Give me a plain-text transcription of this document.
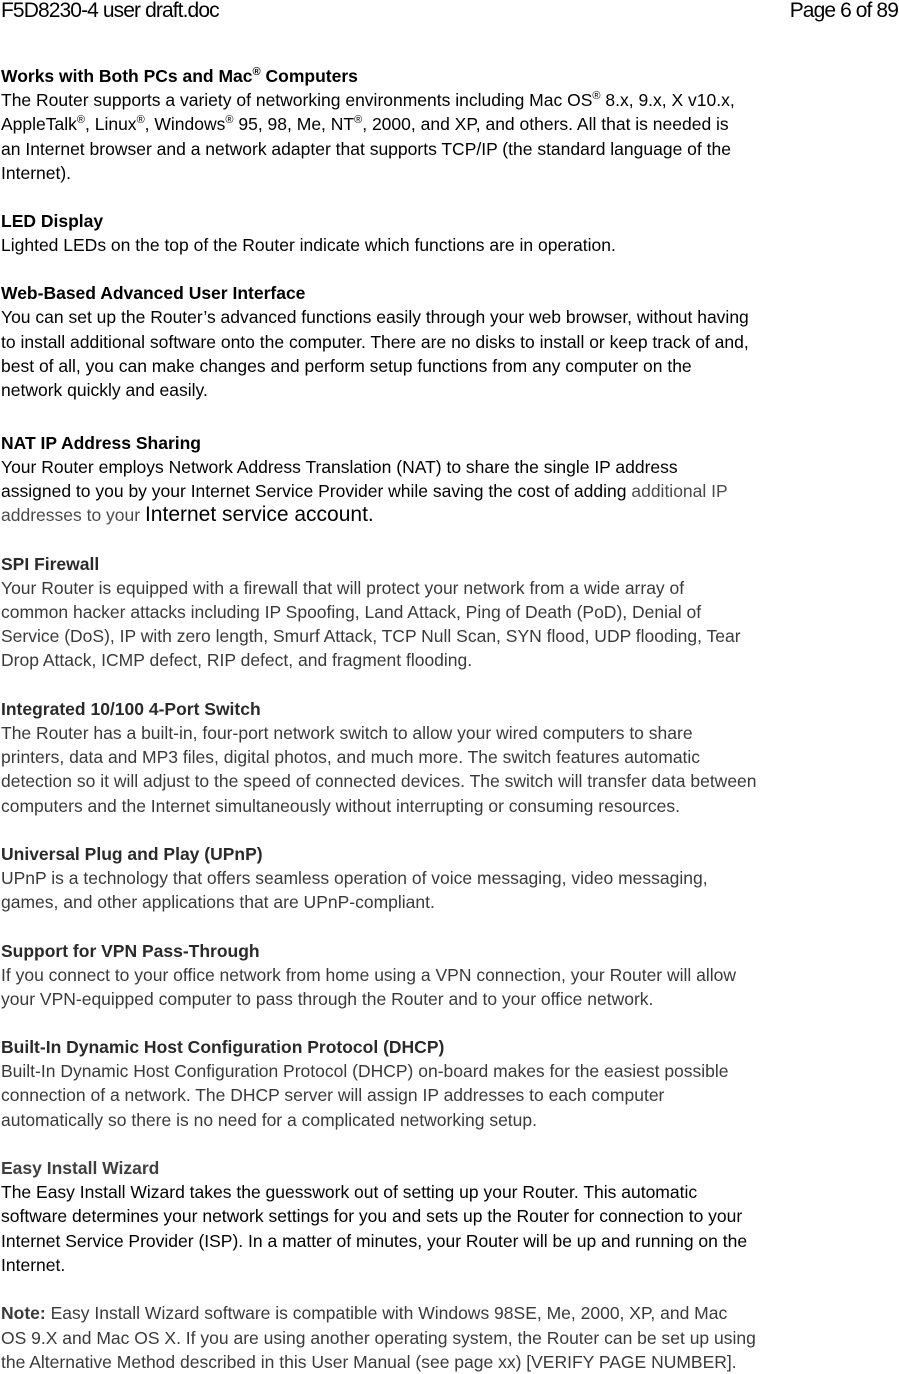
F5D8230-4 user draft.doc	Page 6 of 89
Works with Both PCs and Mac® Computers

The Router supports a variety of networking environments including Mac OS® 8.x, 9.x, X v10.x,
AppleTalk®, Linux®, Windows® 95, 98, Me, NT®, 2000, and XP, and others. All that is needed is
an Internet browser and a network adapter that supports TCP/IP (the standard language of the
Internet).

LED Display

Lighted LEDs on the top of the Router indicate which functions are in operation.

Web-Based Advanced User Interface

You can set up the Router’s advanced functions easily through your web browser, without having
to install additional software onto the computer. There are no disks to install or keep track of and,
best of all, you can make changes and perform setup functions from any computer on the
network quickly and easily.

NAT IP Address Sharing

Your Router employs Network Address Translation (NAT) to share the single IP address
assigned to you by your Internet Service Provider while saving the cost of adding additional IP
addresses to your Internet service account.

SPI Firewall

Your Router is equipped with a firewall that will protect your network from a wide array of
common hacker attacks including IP Spoofing, Land Attack, Ping of Death (PoD), Denial of
Service (DoS), IP with zero length, Smurf Attack, TCP Null Scan, SYN flood, UDP flooding, Tear
Drop Attack, ICMP defect, RIP defect, and fragment flooding.

Integrated 10/100 4-Port Switch

The Router has a built-in, four-port network switch to allow your wired computers to share
printers, data and MP3 files, digital photos, and much more. The switch features automatic
detection so it will adjust to the speed of connected devices. The switch will transfer data between
computers and the Internet simultaneously without interrupting or consuming resources.

Universal Plug and Play (UPnP)

UPnP is a technology that offers seamless operation of voice messaging, video messaging,
games, and other applications that are UPnP-compliant.

Support for VPN Pass-Through

If you connect to your office network from home using a VPN connection, your Router will allow
your VPN-equipped computer to pass through the Router and to your office network.

Built-In Dynamic Host Configuration Protocol (DHCP)

Built-In Dynamic Host Configuration Protocol (DHCP) on-board makes for the easiest possible
connection of a network. The DHCP server will assign IP addresses to each computer
automatically so there is no need for a complicated networking setup.

Easy Install Wizard

The Easy Install Wizard takes the guesswork out of setting up your Router. This automatic
software determines your network settings for you and sets up the Router for connection to your
Internet Service Provider (ISP). In a matter of minutes, your Router will be up and running on the
Internet.

Note: Easy Install Wizard software is compatible with Windows 98SE, Me, 2000, XP, and Mac
OS 9.X and Mac OS X. If you are using another operating system, the Router can be set up using
the Alternative Method described in this User Manual (see page xx) [VERIFY PAGE NUMBER].
